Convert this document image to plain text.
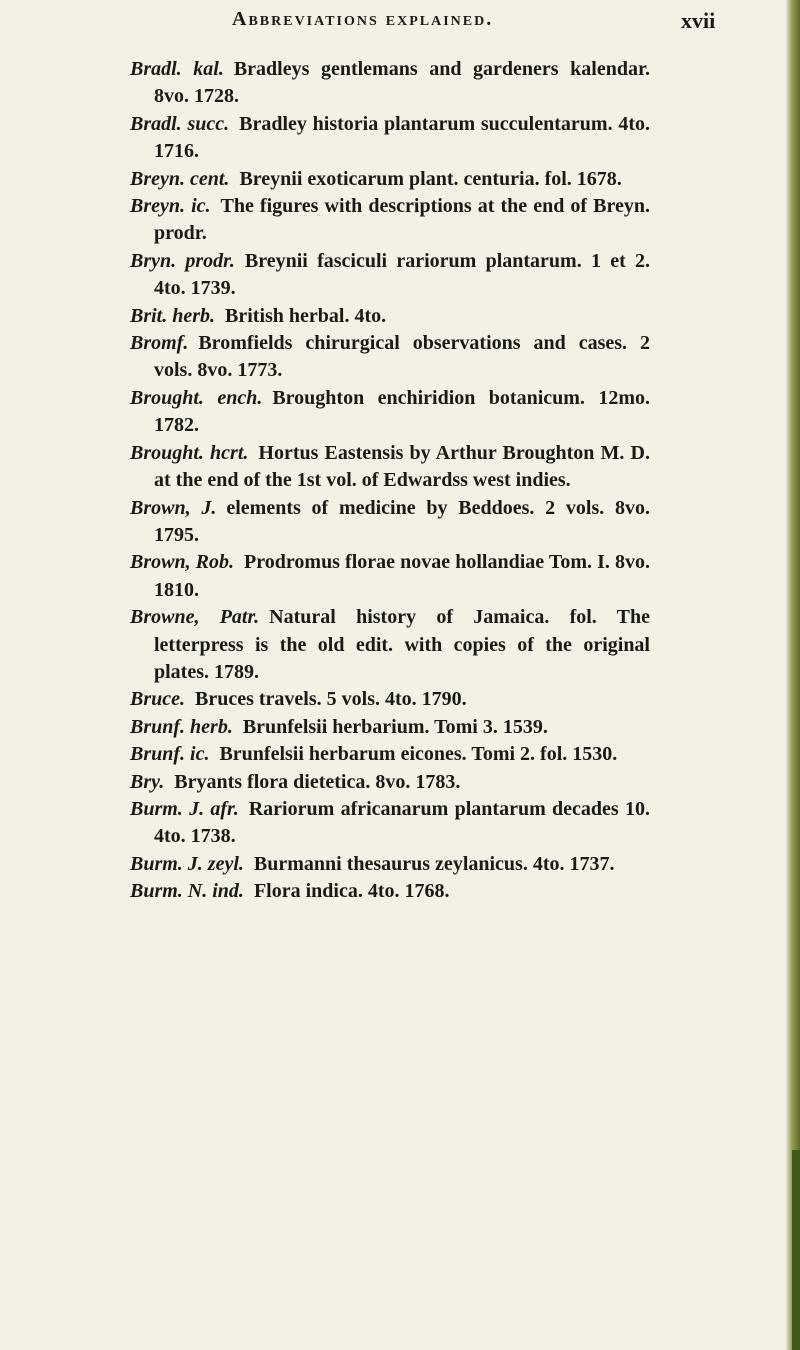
Abbreviations explained.	xvii

Bradl. kal. Bradleys gentlemans and gardeners kalendar. 8vo. 1728.

Bradl. succ. Bradley historia plantarum succulentarum. 4to. 1716.

Breyn. cent. Breynii exoticarum plant. centuria. fol. 1678.

Breyn. ic. The figures with descriptions at the end of Breyn. prodr.

Bryn. prodr. Breynii fasciculi rariorum plantarum. 1 et 2. 4to. 1739.

Brit. herb. British herbal. 4to.

Bromf. Bromfields chirurgical observations and cases. 2 vols. 8vo. 1773.

Brought. ench. Broughton enchiridion botanicum. 12mo. 1782.

Brought. hcrt. Hortus Eastensis by Arthur Broughton M. D. at the end of the 1st vol. of Edwardss west indies.

Brown, J. elements of medicine by Beddoes. 2 vols. 8vo. 1795.

Brown, Rob. Prodromus florae novae hollandiae Tom. I. 8vo. 1810.

Browne, Patr. Natural history of Jamaica. fol. The letterpress is the old edit. with copies of the original plates. 1789.

Bruce. Bruces travels. 5 vols. 4to. 1790.

Brunf. herb. Brunfelsii herbarium. Tomi 3. 1539.

Brunf. ic. Brunfelsii herbarum eicones. Tomi 2. fol. 1530.

Bry. Bryants flora dietetica. 8vo. 1783.

Burm. J. afr. Rariorum africanarum plantarum decades 10. 4to. 1738.

Burm. J. zeyl. Burmanni thesaurus zeylanicus. 4to. 1737.

Burm. N. ind. Flora indica. 4to. 1768.
